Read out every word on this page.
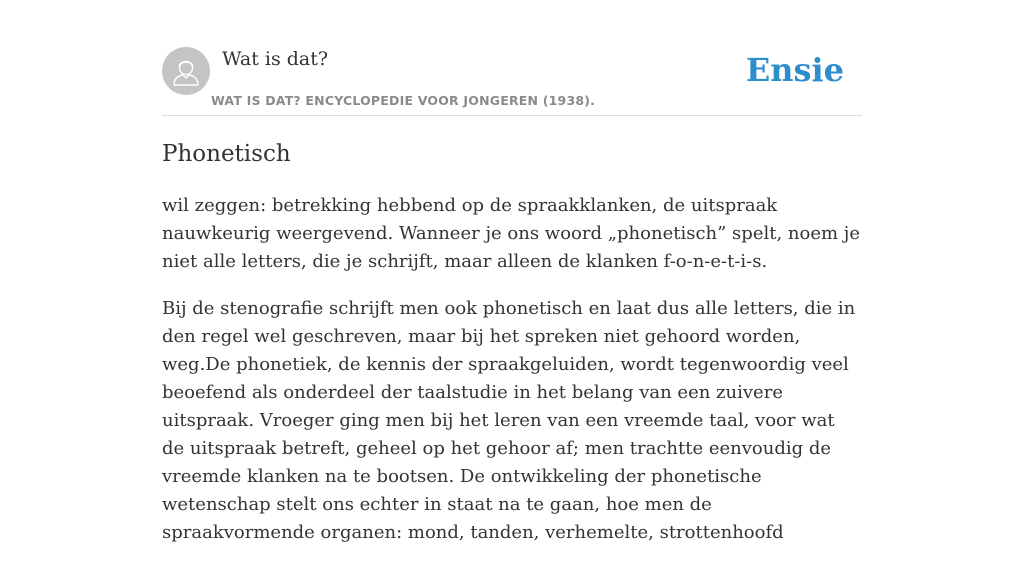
Wat is dat?
WAT IS DAT? ENCYCLOPEDIE VOOR JONGEREN (1938).
Ensie
Phonetisch

wil zeggen: betrekking hebbend op de spraakklanken, de uitspraak nauwkeurig weergevend. Wanneer je ons woord „phonetisch” spelt, noem je niet alle letters, die je schrijft, maar alleen de klanken f-o-n-e-t-i-s.

Bij de stenografie schrijft men ook phonetisch en laat dus alle letters, die in den regel wel geschreven, maar bij het spreken niet gehoord worden, weg.De phonetiek, de kennis der spraakgeluiden, wordt tegenwoordig veel beoefend als onderdeel der taalstudie in het belang van een zuivere uitspraak. Vroeger ging men bij het leren van een vreemde taal, voor wat de uitspraak betreft, geheel op het gehoor af; men trachtte eenvoudig de vreemde klanken na te bootsen. De ontwikkeling der phonetische wetenschap stelt ons echter in staat na te gaan, hoe men de spraakvormende organen: mond, tanden, verhemelte, strottenhoofd
